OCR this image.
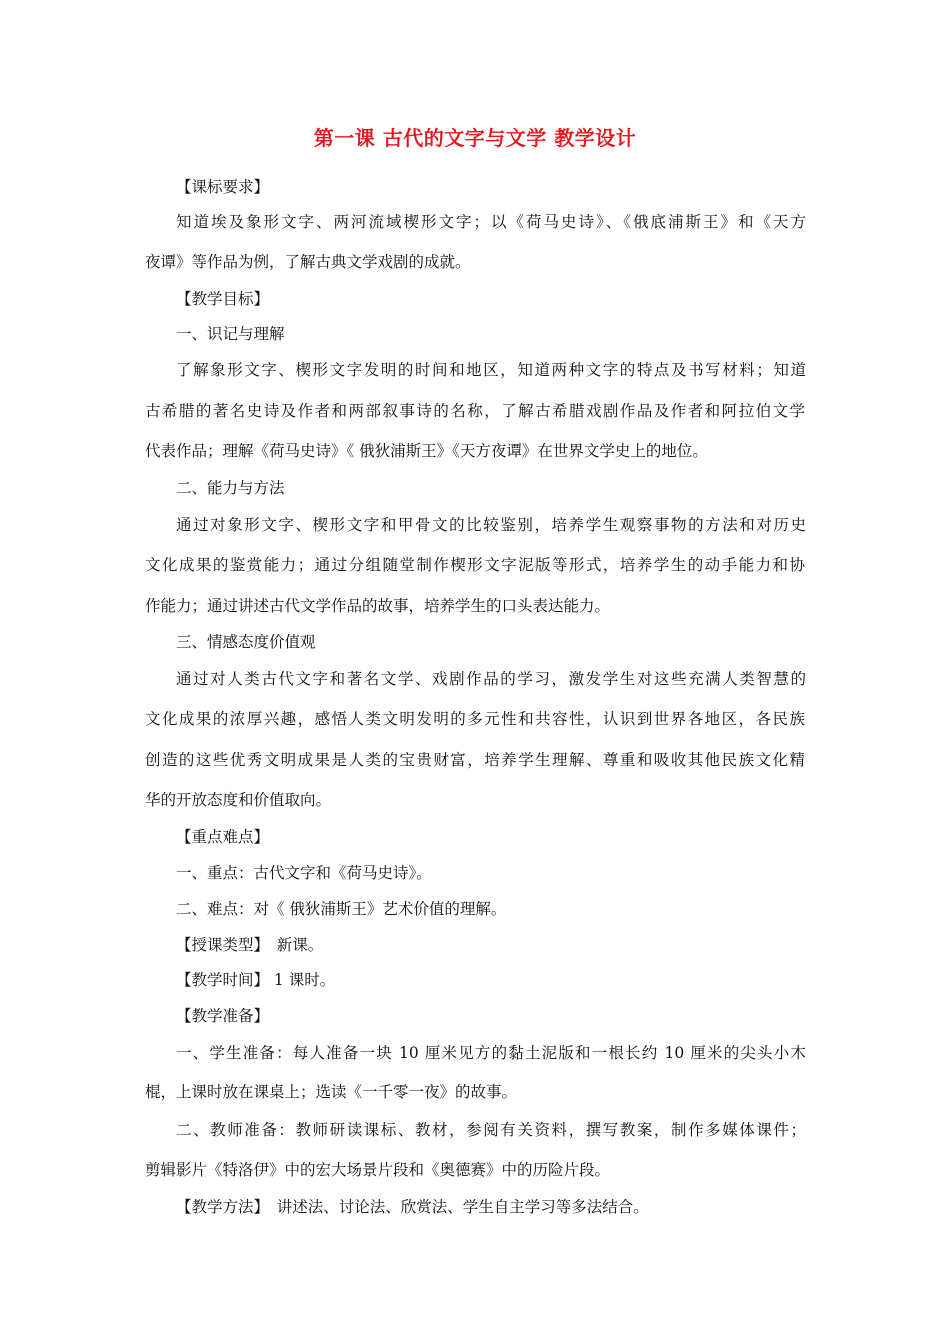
第一课 古代的文字与文学 教学设计
【课标要求】
知道埃及象形文字、两河流域楔形文字；以《荷马史诗》、《俄底浦斯王》和《天方
夜谭》等作品为例，了解古典文学戏剧的成就。
【教学目标】
一、识记与理解
了解象形文字、楔形文字发明的时间和地区，知道两种文字的特点及书写材料；知道
古希腊的著名史诗及作者和两部叙事诗的名称，了解古希腊戏剧作品及作者和阿拉伯文学
代表作品；理解《荷马史诗》《 俄狄浦斯王》《天方夜谭》在世界文学史上的地位。
二、能力与方法
通过对象形文字、楔形文字和甲骨文的比较鉴别，培养学生观察事物的方法和对历史
文化成果的鉴赏能力；通过分组随堂制作楔形文字泥版等形式，培养学生的动手能力和协
作能力；通过讲述古代文学作品的故事，培养学生的口头表达能力。
三、情感态度价值观
通过对人类古代文字和著名文学、戏剧作品的学习，激发学生对这些充满人类智慧的
文化成果的浓厚兴趣，感悟人类文明发明的多元性和共容性，认识到世界各地区，各民族
创造的这些优秀文明成果是人类的宝贵财富，培养学生理解、尊重和吸收其他民族文化精
华的开放态度和价值取向。
【重点难点】
一、重点：古代文字和《荷马史诗》。
二、难点：对《 俄狄浦斯王》艺术价值的理解。
【授课类型】　新课。
【教学时间】 1 课时。
【教学准备】
一、学生准备：每人准备一块 10 厘米见方的黏土泥版和一根长约 10 厘米的尖头小木
棍，上课时放在课桌上；选读《一千零一夜》的故事。
二、教师准备：教师研读课标、教材，参阅有关资料，撰写教案，制作多媒体课件；
剪辑影片《特洛伊》中的宏大场景片段和《奥德赛》中的历险片段。
【教学方法】　讲述法、讨论法、欣赏法、学生自主学习等多法结合。
